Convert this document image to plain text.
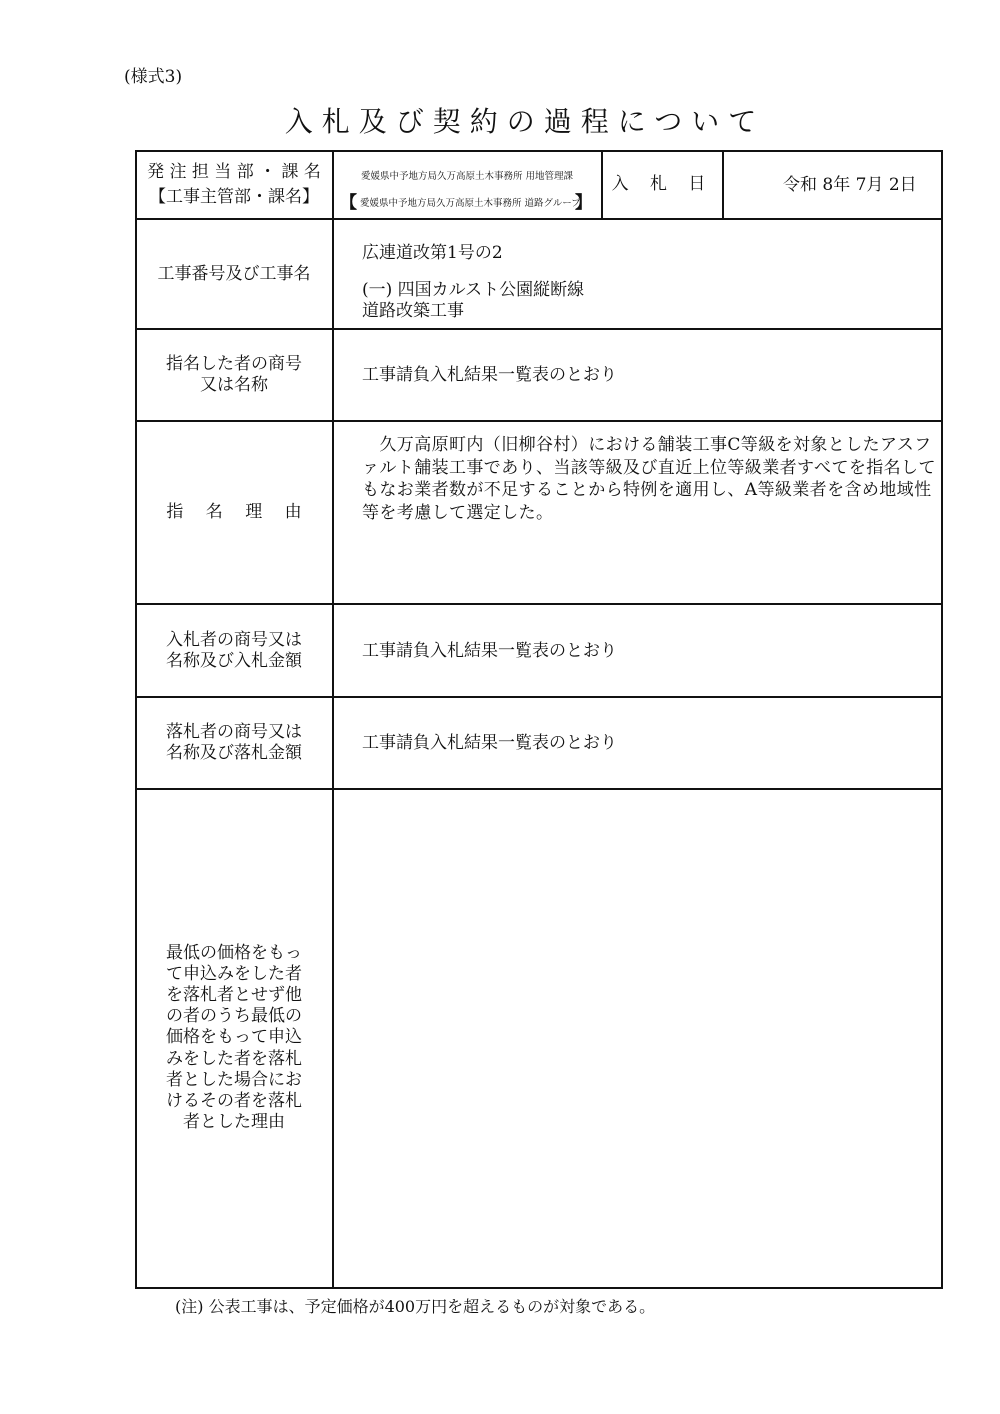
(様式3)
入札及び契約の過程について
発 注 担 当 部 ・ 課 名
【工事主管部・課名】
愛媛県中予地方局久万高原土木事務所 用地管理課
【 愛媛県中予地方局久万高原土木事務所 道路グループ
】
入 札 日	令和 8年 7月 2日
工事番号及び工事名
広連道改第1号の2
(一) 四国カルスト公園縦断線
道路改築工事
指名した者の商号
又は名称	工事請負入札結果一覧表のとおり
指　 名　 理　 由
　久万高原町内（旧柳谷村）における舗装工事C等級を対象としたアスファルト舗装工事であり、当該等級及び直近上位等級業者すべてを指名してもなお業者数が不足することから特例を適用し、A等級業者を含め地域性等を考慮して選定した。
入札者の商号又は
名称及び入札金額	工事請負入札結果一覧表のとおり
落札者の商号又は
名称及び落札金額	工事請負入札結果一覧表のとおり
最低の価格をもっ
て申込みをした者
を落札者とせず他
の者のうち最低の
価格をもって申込
みをした者を落札
者とした場合にお
けるその者を落札
者とした理由
(注) 公表工事は、予定価格が400万円を超えるものが対象である。
